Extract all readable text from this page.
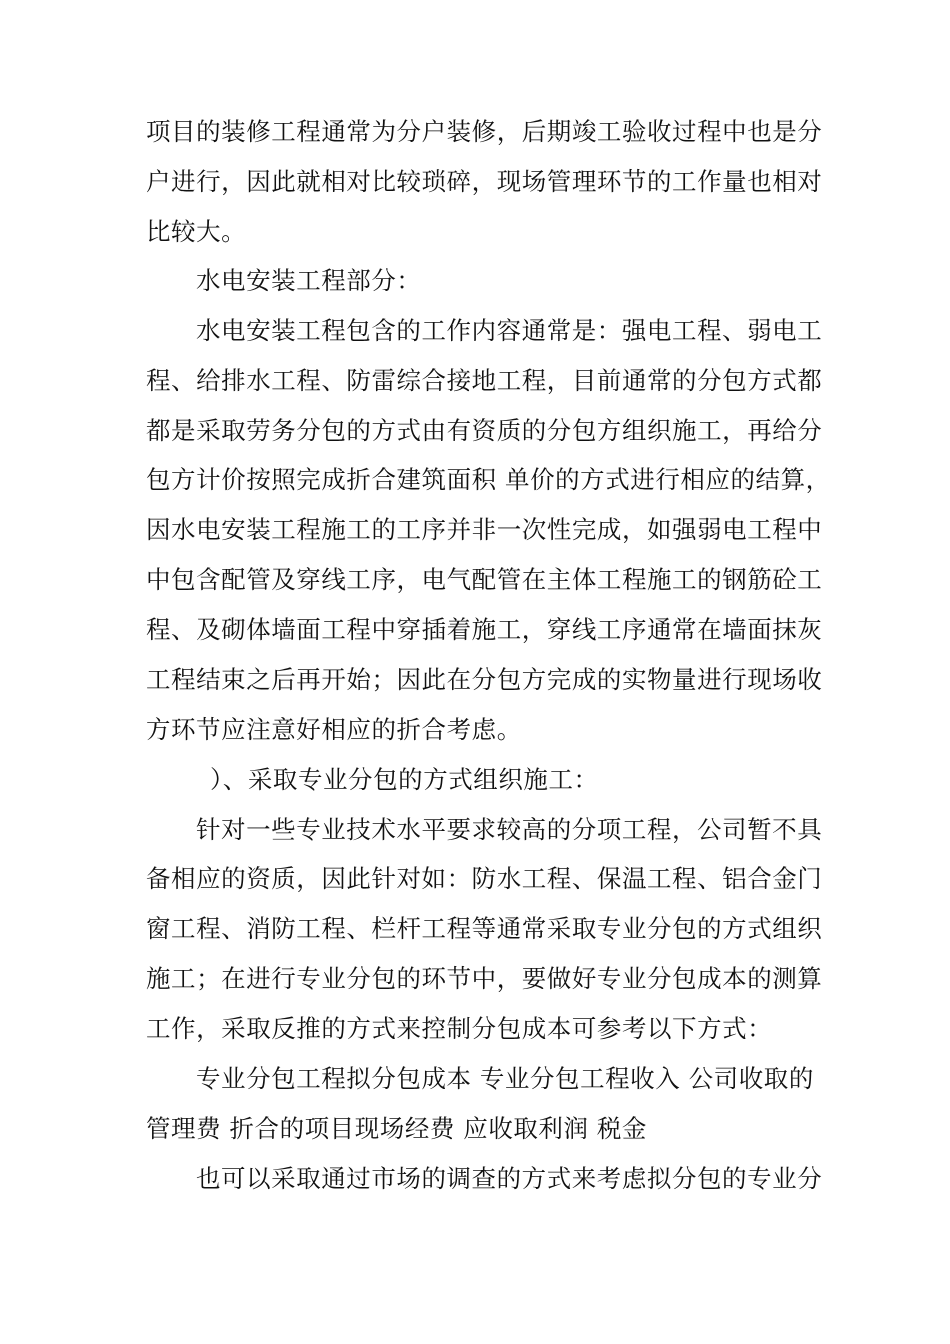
项目的装修工程通常为分户装修，后期竣工验收过程中也是分
户进行，因此就相对比较琐碎，现场管理环节的工作量也相对
比较大。
水电安装工程部分：
水电安装工程包含的工作内容通常是：强电工程、弱电工
程、给排水工程、防雷综合接地工程，目前通常的分包方式都
都是采取劳务分包的方式由有资质的分包方组织施工，再给分
包方计价按照完成折合建筑面积 单价的方式进行相应的结算，
因水电安装工程施工的工序并非一次性完成，如强弱电工程中
中包含配管及穿线工序，电气配管在主体工程施工的钢筋砼工
程、及砌体墙面工程中穿插着施工，穿线工序通常在墙面抹灰
工程结束之后再开始；因此在分包方完成的实物量进行现场收
方环节应注意好相应的折合考虑。
）、采取专业分包的方式组织施工：
针对一些专业技术水平要求较高的分项工程，公司暂不具
备相应的资质，因此针对如：防水工程、保温工程、铝合金门
窗工程、消防工程、栏杆工程等通常采取专业分包的方式组织
施工；在进行专业分包的环节中，要做好专业分包成本的测算
工作，采取反推的方式来控制分包成本可参考以下方式：
专业分包工程拟分包成本 专业分包工程收入 公司收取的
管理费 折合的项目现场经费 应收取利润 税金
也可以采取通过市场的调查的方式来考虑拟分包的专业分
